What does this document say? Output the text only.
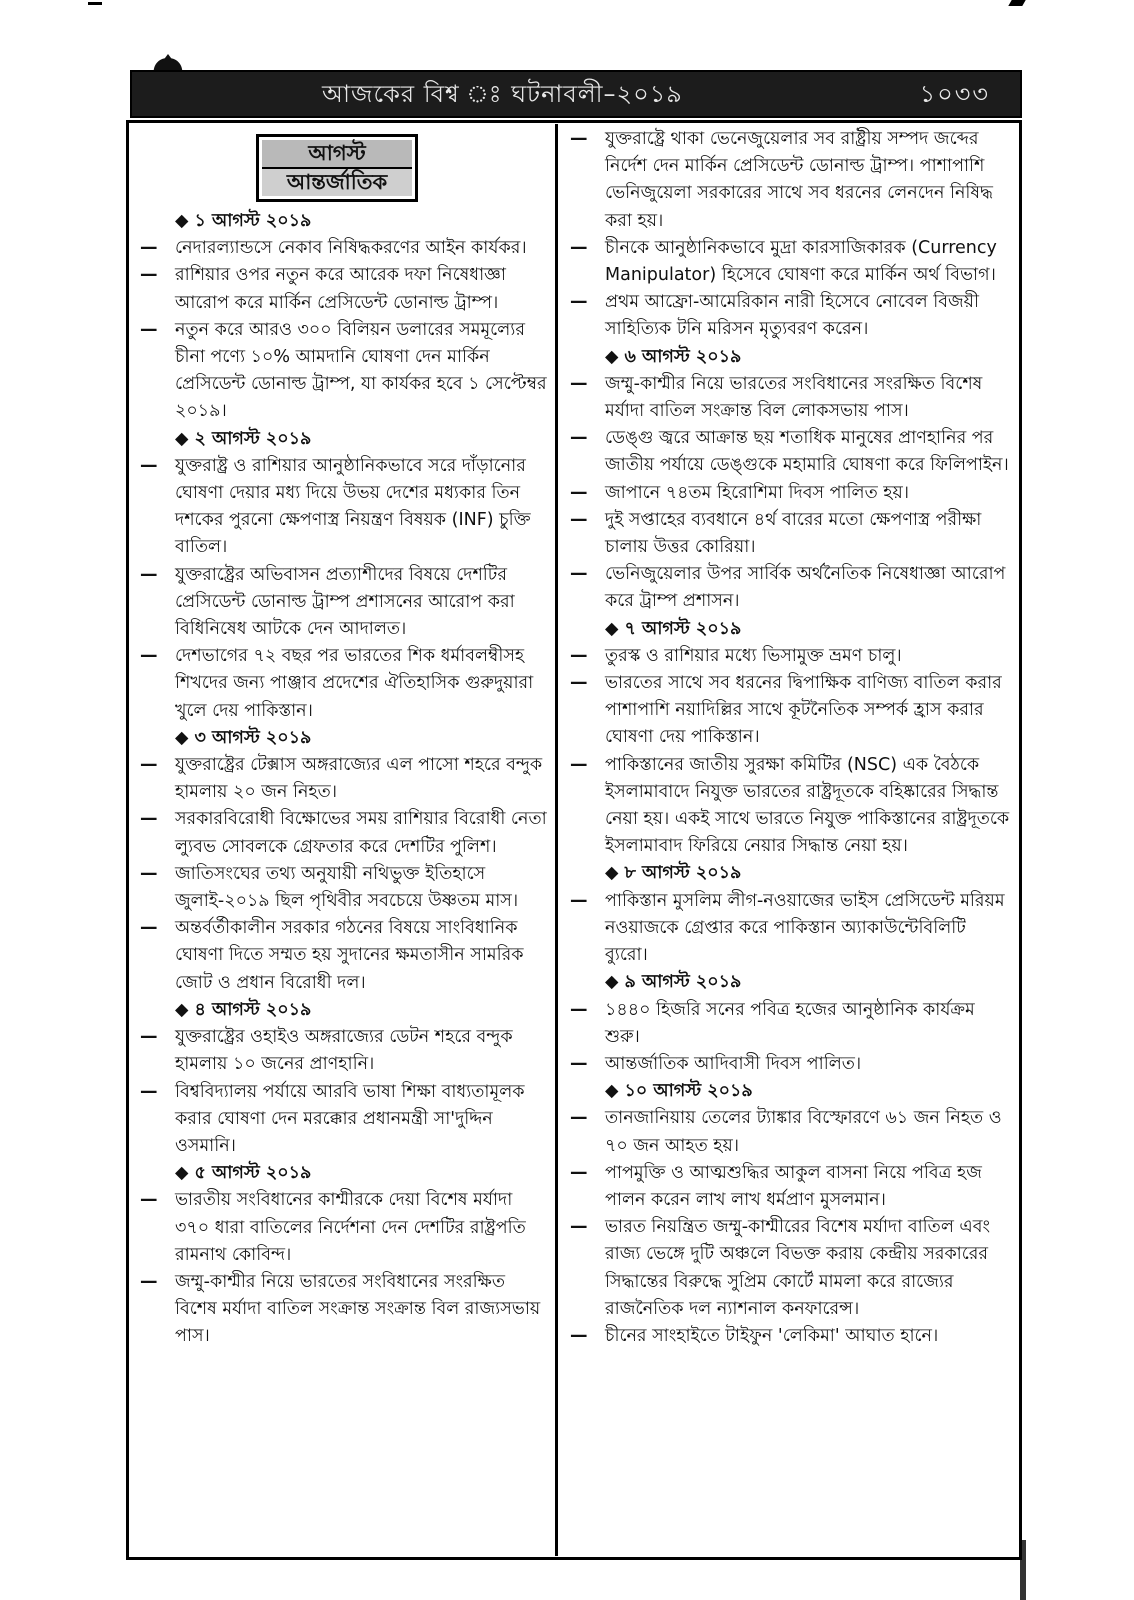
আজকের বিশ্ব ঃ ঘটনাবলী–২০১৯	১০৩৩
আগস্ট
আন্তর্জাতিক
◆ ১ আগস্ট ২০১৯
— নেদারল্যান্ডসে নেকাব নিষিদ্ধকরণের আইন কার্যকর।
— রাশিয়ার ওপর নতুন করে আরেক দফা নিষেধাজ্ঞা আরোপ করে মার্কিন প্রেসিডেন্ট ডোনাল্ড ট্রাম্প।
— নতুন করে আরও ৩০০ বিলিয়ন ডলারের সমমূল্যের চীনা পণ্যে ১০% আমদানি ঘোষণা দেন মার্কিন প্রেসিডেন্ট ডোনাল্ড ট্রাম্প, যা কার্যকর হবে ১ সেপ্টেম্বর ২০১৯।
◆ ২ আগস্ট ২০১৯
— যুক্তরাষ্ট্র ও রাশিয়ার আনুষ্ঠানিকভাবে সরে দাঁড়ানোর ঘোষণা দেয়ার মধ্য দিয়ে উভয় দেশের মধ্যকার তিন দশকের পুরনো ক্ষেপণাস্ত্র নিয়ন্ত্রণ বিষয়ক (INF) চুক্তি বাতিল।
— যুক্তরাষ্ট্রের অভিবাসন প্রত্যাশীদের বিষয়ে দেশটির প্রেসিডেন্ট ডোনাল্ড ট্রাম্প প্রশাসনের আরোপ করা বিধিনিষেধ আটকে দেন আদালত।
— দেশভাগের ৭২ বছর পর ভারতের শিক ধর্মাবলম্বীসহ শিখদের জন্য পাঞ্জাব প্রদেশের ঐতিহাসিক গুরুদুয়ারা খুলে দেয় পাকিস্তান।
◆ ৩ আগস্ট ২০১৯
— যুক্তরাষ্ট্রের টেক্সাস অঙ্গরাজ্যের এল পাসো শহরে বন্দুক হামলায় ২০ জন নিহত।
— সরকারবিরোধী বিক্ষোভের সময় রাশিয়ার বিরোধী নেতা ল্যুবভ সোবলকে গ্রেফতার করে দেশটির পুলিশ।
— জাতিসংঘের তথ্য অনুযায়ী নথিভুক্ত ইতিহাসে জুলাই-২০১৯ ছিল পৃথিবীর সবচেয়ে উষ্ণতম মাস।
— অন্তর্বর্তীকালীন সরকার গঠনের বিষয়ে সাংবিধানিক ঘোষণা দিতে সম্মত হয় সুদানের ক্ষমতাসীন সামরিক জোট ও প্রধান বিরোধী দল।
◆ ৪ আগস্ট ২০১৯
— যুক্তরাষ্ট্রের ওহাইও অঙ্গরাজ্যের ডেটন শহরে বন্দুক হামলায় ১০ জনের প্রাণহানি।
— বিশ্ববিদ্যালয় পর্যায়ে আরবি ভাষা শিক্ষা বাধ্যতামূলক করার ঘোষণা দেন মরক্কোর প্রধানমন্ত্রী সা'দুদ্দিন ওসমানি।
◆ ৫ আগস্ট ২০১৯
— ভারতীয় সংবিধানের কাশ্মীরকে দেয়া বিশেষ মর্যাদা ৩৭০ ধারা বাতিলের নির্দেশনা দেন দেশটির রাষ্ট্রপতি রামনাথ কোবিন্দ।
— জম্মু-কাশ্মীর নিয়ে ভারতের সংবিধানের সংরক্ষিত বিশেষ মর্যাদা বাতিল সংক্রান্ত সংক্রান্ত বিল রাজ্যসভায় পাস।
— যুক্তরাষ্ট্রে থাকা ভেনেজুয়েলার সব রাষ্ট্রীয় সম্পদ জব্দের নির্দেশ দেন মার্কিন প্রেসিডেন্ট ডোনাল্ড ট্রাম্প। পাশাপাশি ভেনিজুয়েলা সরকারের সাথে সব ধরনের লেনদেন নিষিদ্ধ করা হয়।
— চীনকে আনুষ্ঠানিকভাবে মুদ্রা কারসাজিকারক (Currency Manipulator) হিসেবে ঘোষণা করে মার্কিন অর্থ বিভাগ।
— প্রথম আফ্রো-আমেরিকান নারী হিসেবে নোবেল বিজয়ী সাহিত্যিক টনি মরিসন মৃত্যুবরণ করেন।
◆ ৬ আগস্ট ২০১৯
— জম্মু-কাশ্মীর নিয়ে ভারতের সংবিধানের সংরক্ষিত বিশেষ মর্যাদা বাতিল সংক্রান্ত বিল লোকসভায় পাস।
— ডেঙ্গু জ্বরে আক্রান্ত ছয় শতাধিক মানুষের প্রাণহানির পর জাতীয় পর্যায়ে ডেঙ্গুকে মহামারি ঘোষণা করে ফিলিপাইন।
— জাপানে ৭৪তম হিরোশিমা দিবস পালিত হয়।
— দুই সপ্তাহের ব্যবধানে ৪র্থ বারের মতো ক্ষেপণাস্ত্র পরীক্ষা চালায় উত্তর কোরিয়া।
— ভেনিজুয়েলার উপর সার্বিক অর্থনৈতিক নিষেধাজ্ঞা আরোপ করে ট্রাম্প প্রশাসন।
◆ ৭ আগস্ট ২০১৯
— তুরস্ক ও রাশিয়ার মধ্যে ভিসামুক্ত ভ্রমণ চালু।
— ভারতের সাথে সব ধরনের দ্বিপাক্ষিক বাণিজ্য বাতিল করার পাশাপাশি নয়াদিল্লির সাথে কূটনৈতিক সম্পর্ক হ্রাস করার ঘোষণা দেয় পাকিস্তান।
— পাকিস্তানের জাতীয় সুরক্ষা কমিটির (NSC) এক বৈঠকে ইসলামাবাদে নিযুক্ত ভারতের রাষ্ট্রদূতকে বহিষ্কারের সিদ্ধান্ত নেয়া হয়। একই সাথে ভারতে নিযুক্ত পাকিস্তানের রাষ্ট্রদূতকে ইসলামাবাদ ফিরিয়ে নেয়ার সিদ্ধান্ত নেয়া হয়।
◆ ৮ আগস্ট ২০১৯
— পাকিস্তান মুসলিম লীগ-নওয়াজের ভাইস প্রেসিডেন্ট মরিয়ম নওয়াজকে গ্রেপ্তার করে পাকিস্তান অ্যাকাউন্টেবিলিটি ব্যুরো।
◆ ৯ আগস্ট ২০১৯
— ১৪৪০ হিজরি সনের পবিত্র হজের আনুষ্ঠানিক কার্যক্রম শুরু।
— আন্তর্জাতিক আদিবাসী দিবস পালিত।
◆ ১০ আগস্ট ২০১৯
— তানজানিয়ায় তেলের ট্যাঙ্কার বিস্ফোরণে ৬১ জন নিহত ও ৭০ জন আহত হয়।
— পাপমুক্তি ও আত্মশুদ্ধির আকুল বাসনা নিয়ে পবিত্র হজ পালন করেন লাখ লাখ ধর্মপ্রাণ মুসলমান।
— ভারত নিয়ন্ত্রিত জম্মু-কাশ্মীরের বিশেষ মর্যাদা বাতিল এবং রাজ্য ভেঙ্গে দুটি অঞ্চলে বিভক্ত করায় কেন্দ্রীয় সরকারের সিদ্ধান্তের বিরুদ্ধে সুপ্রিম কোর্টে মামলা করে রাজ্যের রাজনৈতিক দল ন্যাশনাল কনফারেন্স।
— চীনের সাংহাইতে টাইফুন 'লেকিমা' আঘাত হানে।
